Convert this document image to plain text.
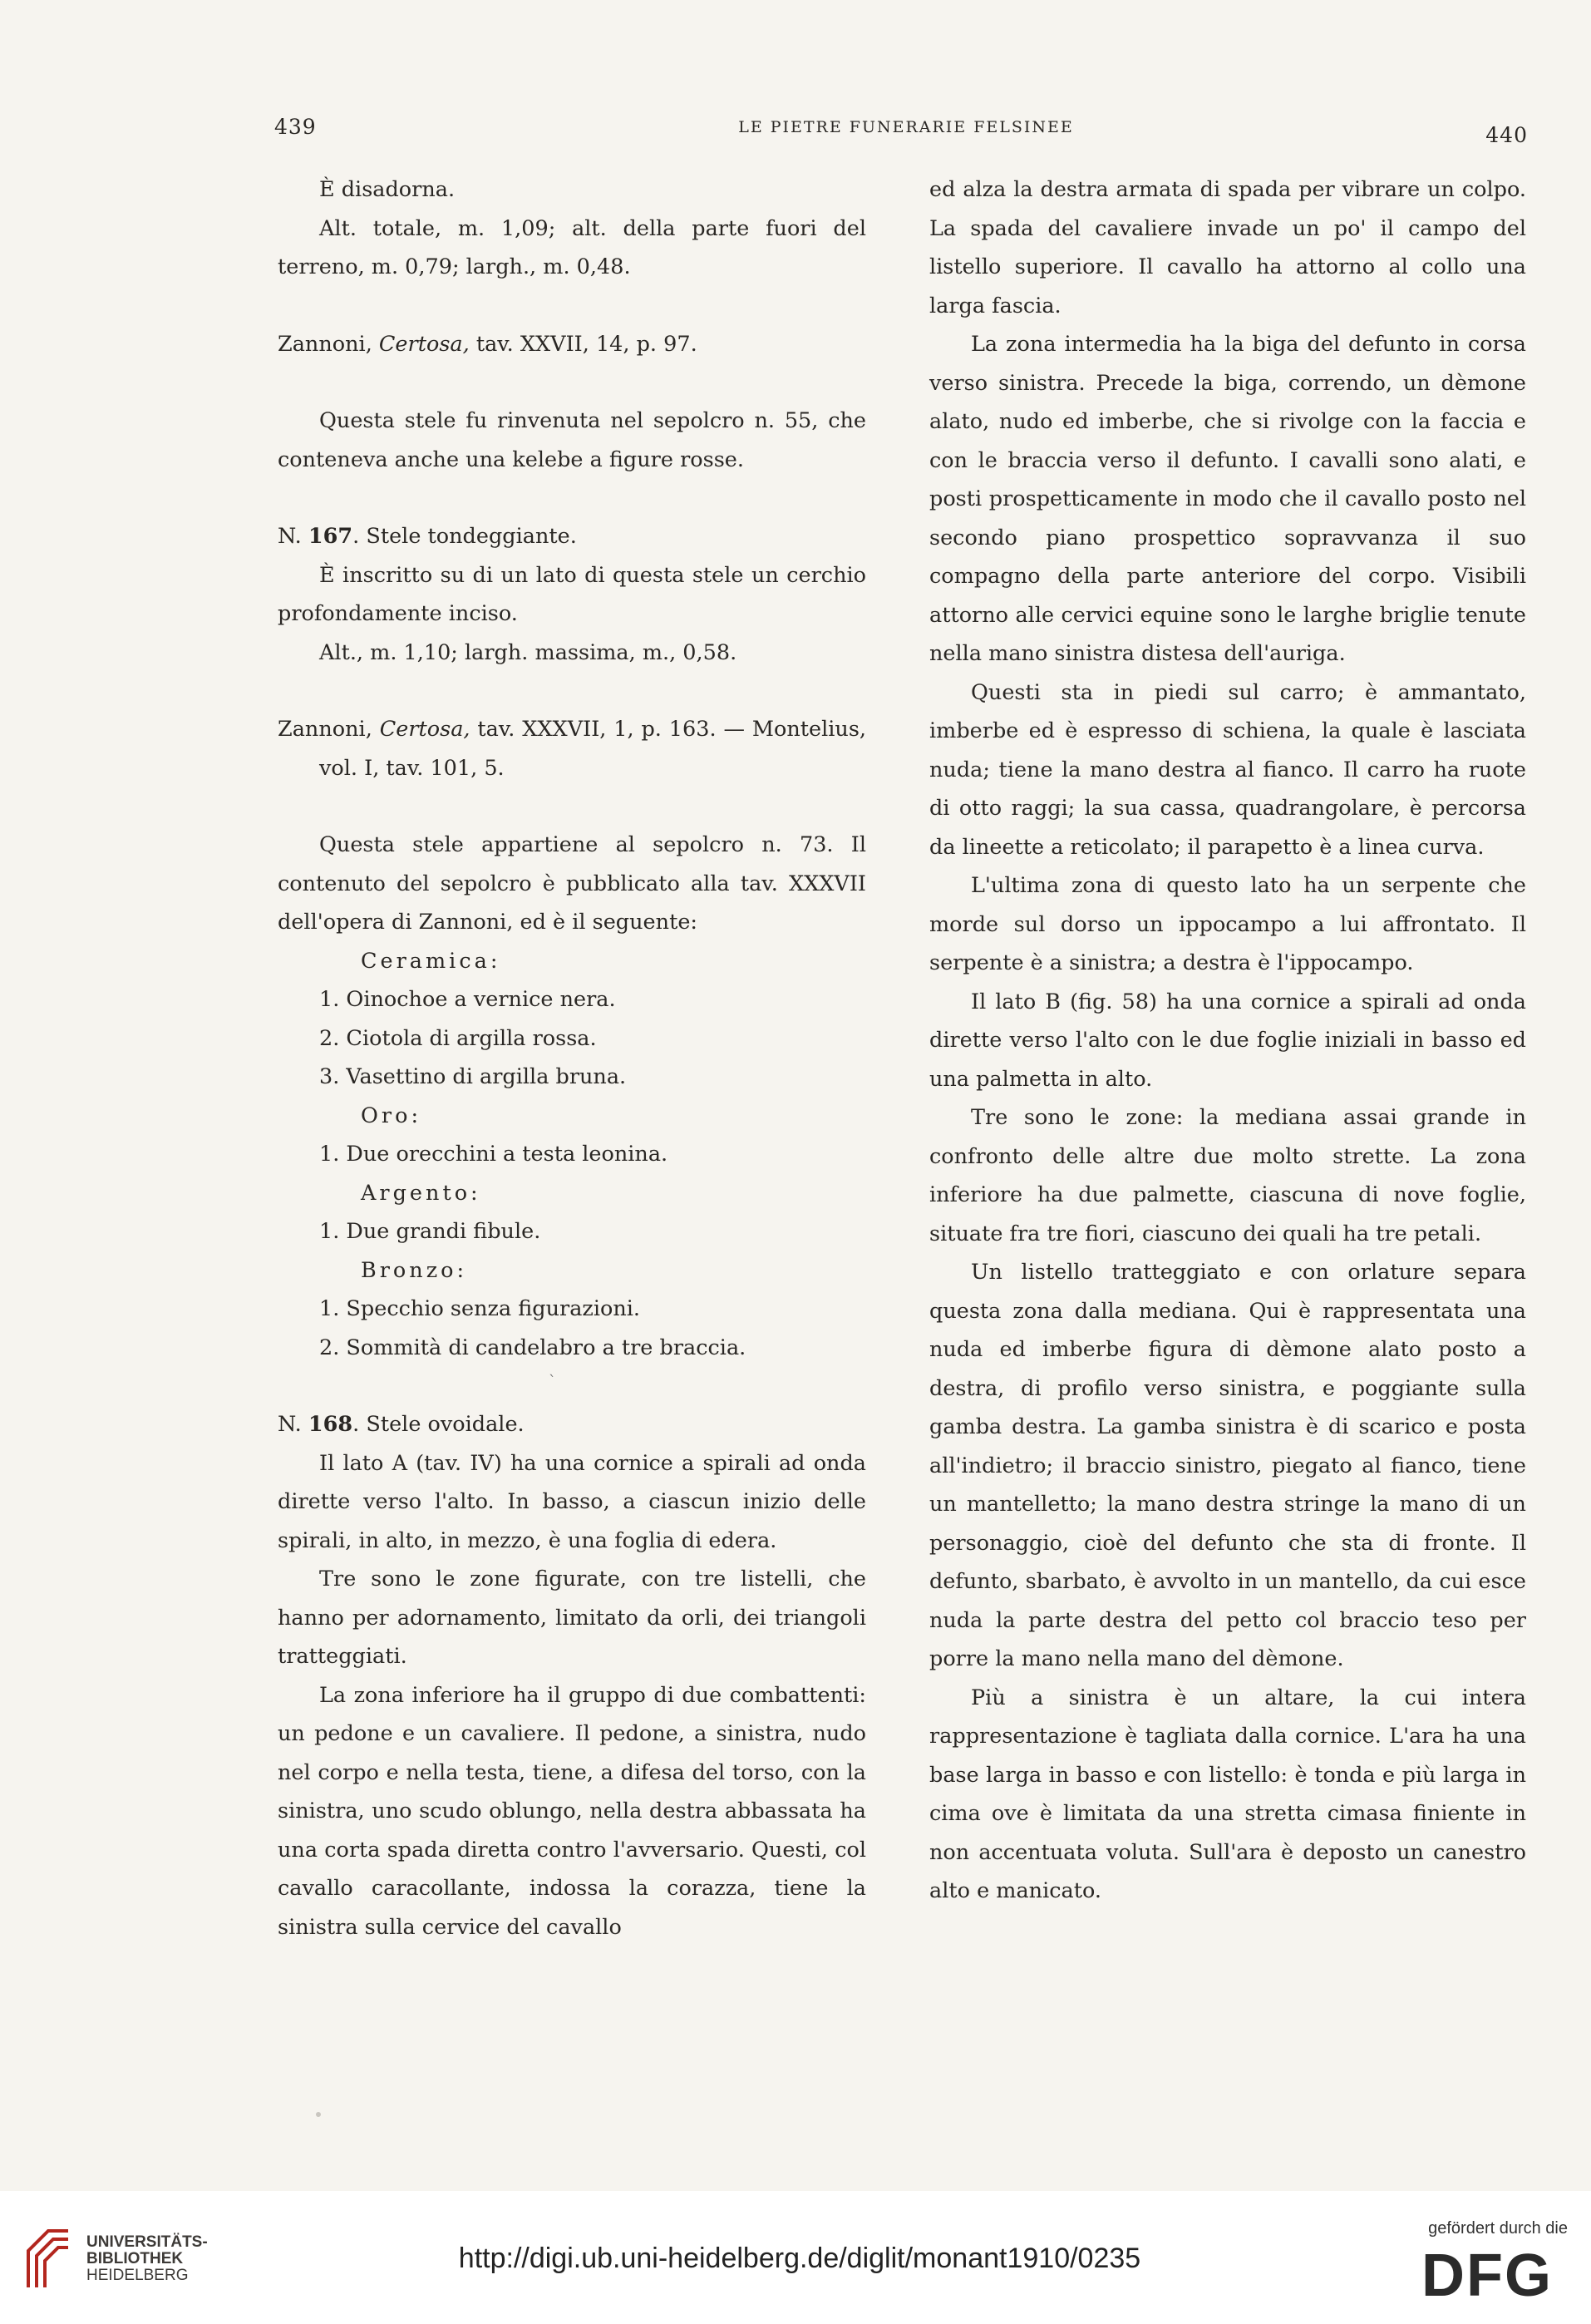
439	LE PIETRE FUNERARIE FELSINEE	440

È disadorna.

Alt. totale, m. 1,09; alt. della parte fuori del terreno, m. 0,79; largh., m. 0,48.

Zannoni, Certosa, tav. XXVII, 14, p. 97.

Questa stele fu rinvenuta nel sepolcro n. 55, che conteneva anche una kelebe a figure rosse.

N. 167. Stele tondeggiante.

È inscritto su di un lato di questa stele un cerchio profondamente inciso.

Alt., m. 1,10; largh. massima, m., 0,58.

Zannoni, Certosa, tav. XXXVII, 1, p. 163. — Montelius, vol. I, tav. 101, 5.

Questa stele appartiene al sepolcro n. 73. Il contenuto del sepolcro è pubblicato alla tav. XXXVII dell'opera di Zannoni, ed è il seguente:

Ceramica:

1. Oinochoe a vernice nera.

2. Ciotola di argilla rossa.

3. Vasettino di argilla bruna.

Oro:

1. Due orecchini a testa leonina.

Argento:

1. Due grandi fibule.

Bronzo:

1. Specchio senza figurazioni.

2. Sommità di candelabro a tre braccia.

N. 168. Stele ovoidale.

Il lato A (tav. IV) ha una cornice a spirali ad onda dirette verso l'alto. In basso, a ciascun inizio delle spirali, in alto, in mezzo, è una foglia di edera.

Tre sono le zone figurate, con tre listelli, che hanno per adornamento, limitato da orli, dei triangoli tratteggiati.

La zona inferiore ha il gruppo di due combattenti: un pedone e un cavaliere. Il pedone, a sinistra, nudo nel corpo e nella testa, tiene, a difesa del torso, con la sinistra, uno scudo oblungo, nella destra abbassata ha una corta spada diretta contro l'avversario. Questi, col cavallo caracollante, indossa la corazza, tiene la sinistra sulla cervice del cavallo

ed alza la destra armata di spada per vibrare un colpo. La spada del cavaliere invade un po' il campo del listello superiore. Il cavallo ha attorno al collo una larga fascia.

La zona intermedia ha la biga del defunto in corsa verso sinistra. Precede la biga, correndo, un dèmone alato, nudo ed imberbe, che si rivolge con la faccia e con le braccia verso il defunto. I cavalli sono alati, e posti prospetticamente in modo che il cavallo posto nel secondo piano prospettico sopravvanza il suo compagno della parte anteriore del corpo. Visibili attorno alle cervici equine sono le larghe briglie tenute nella mano sinistra distesa dell'auriga.

Questi sta in piedi sul carro; è ammantato, imberbe ed è espresso di schiena, la quale è lasciata nuda; tiene la mano destra al fianco. Il carro ha ruote di otto raggi; la sua cassa, quadrangolare, è percorsa da lineette a reticolato; il parapetto è a linea curva.

L'ultima zona di questo lato ha un serpente che morde sul dorso un ippocampo a lui affrontato. Il serpente è a sinistra; a destra è l'ippocampo.

Il lato B (fig. 58) ha una cornice a spirali ad onda dirette verso l'alto con le due foglie iniziali in basso ed una palmetta in alto.

Tre sono le zone: la mediana assai grande in confronto delle altre due molto strette. La zona inferiore ha due palmette, ciascuna di nove foglie, situate fra tre fiori, ciascuno dei quali ha tre petali.

Un listello tratteggiato e con orlature separa questa zona dalla mediana. Qui è rappresentata una nuda ed imberbe figura di dèmone alato posto a destra, di profilo verso sinistra, e poggiante sulla gamba destra. La gamba sinistra è di scarico e posta all'indietro; il braccio sinistro, piegato al fianco, tiene un mantelletto; la mano destra stringe la mano di un personaggio, cioè del defunto che sta di fronte. Il defunto, sbarbato, è avvolto in un mantello, da cui esce nuda la parte destra del petto col braccio teso per porre la mano nella mano del dèmone.

Più a sinistra è un altare, la cui intera rappresentazione è tagliata dalla cornice. L'ara ha una base larga in basso e con listello: è tonda e più larga in cima ove è limitata da una stretta cimasa finiente in non accentuata voluta. Sull'ara è deposto un canestro alto e manicato.

`
UNIVERSITÄTS-
BIBLIOTHEK
HEIDELBERG
http://digi.ub.uni-heidelberg.de/diglit/monant1910/0235
gefördert durch die
DFG
